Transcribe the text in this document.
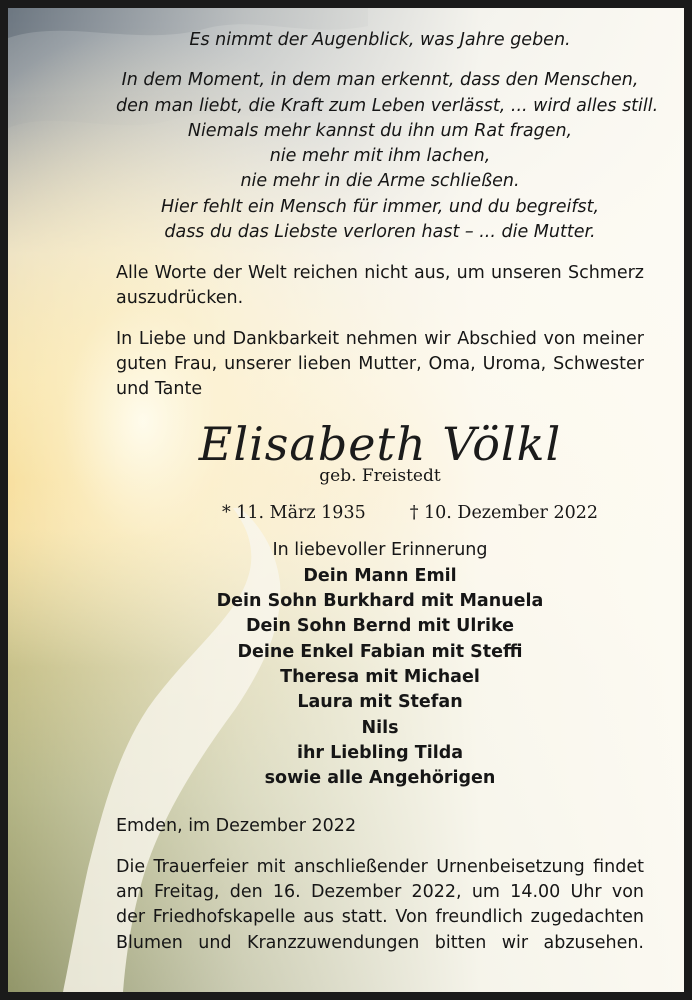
Es nimmt der Augenblick, was Jahre geben.
In dem Moment, in dem man erkennt, dass den Menschen,
den man liebt, die Kraft zum Leben verlässt, ... wird alles still.
Niemals mehr kannst du ihn um Rat fragen,
nie mehr mit ihm lachen,
nie mehr in die Arme schließen.
Hier fehlt ein Mensch für immer, und du begreifst,
dass du das Liebste verloren hast – ... die Mutter.

Alle Worte der Welt reichen nicht aus, um unseren Schmerz auszudrücken.

In Liebe und Dankbarkeit nehmen wir Abschied von meiner guten Frau, unserer lieben Mutter, Oma, Uroma, Schwester und Tante

Elisabeth Völkl
geb. Freistedt
* 11. März 1935	† 10. Dezember 2022
In liebevoller Erinnerung
Dein Mann Emil
Dein Sohn Burkhard mit Manuela
Dein Sohn Bernd mit Ulrike
Deine Enkel Fabian mit Steffi
Theresa mit Michael
Laura mit Stefan
Nils
ihr Liebling Tilda
sowie alle Angehörigen
Emden, im Dezember 2022
Die Trauerfeier mit anschließender Urnenbeisetzung findet
am Freitag, den 16. Dezember 2022, um 14.00 Uhr von
der Friedhofskapelle aus statt. Von freundlich zugedachten
Blumen und Kranzzuwendungen bitten wir abzusehen.
